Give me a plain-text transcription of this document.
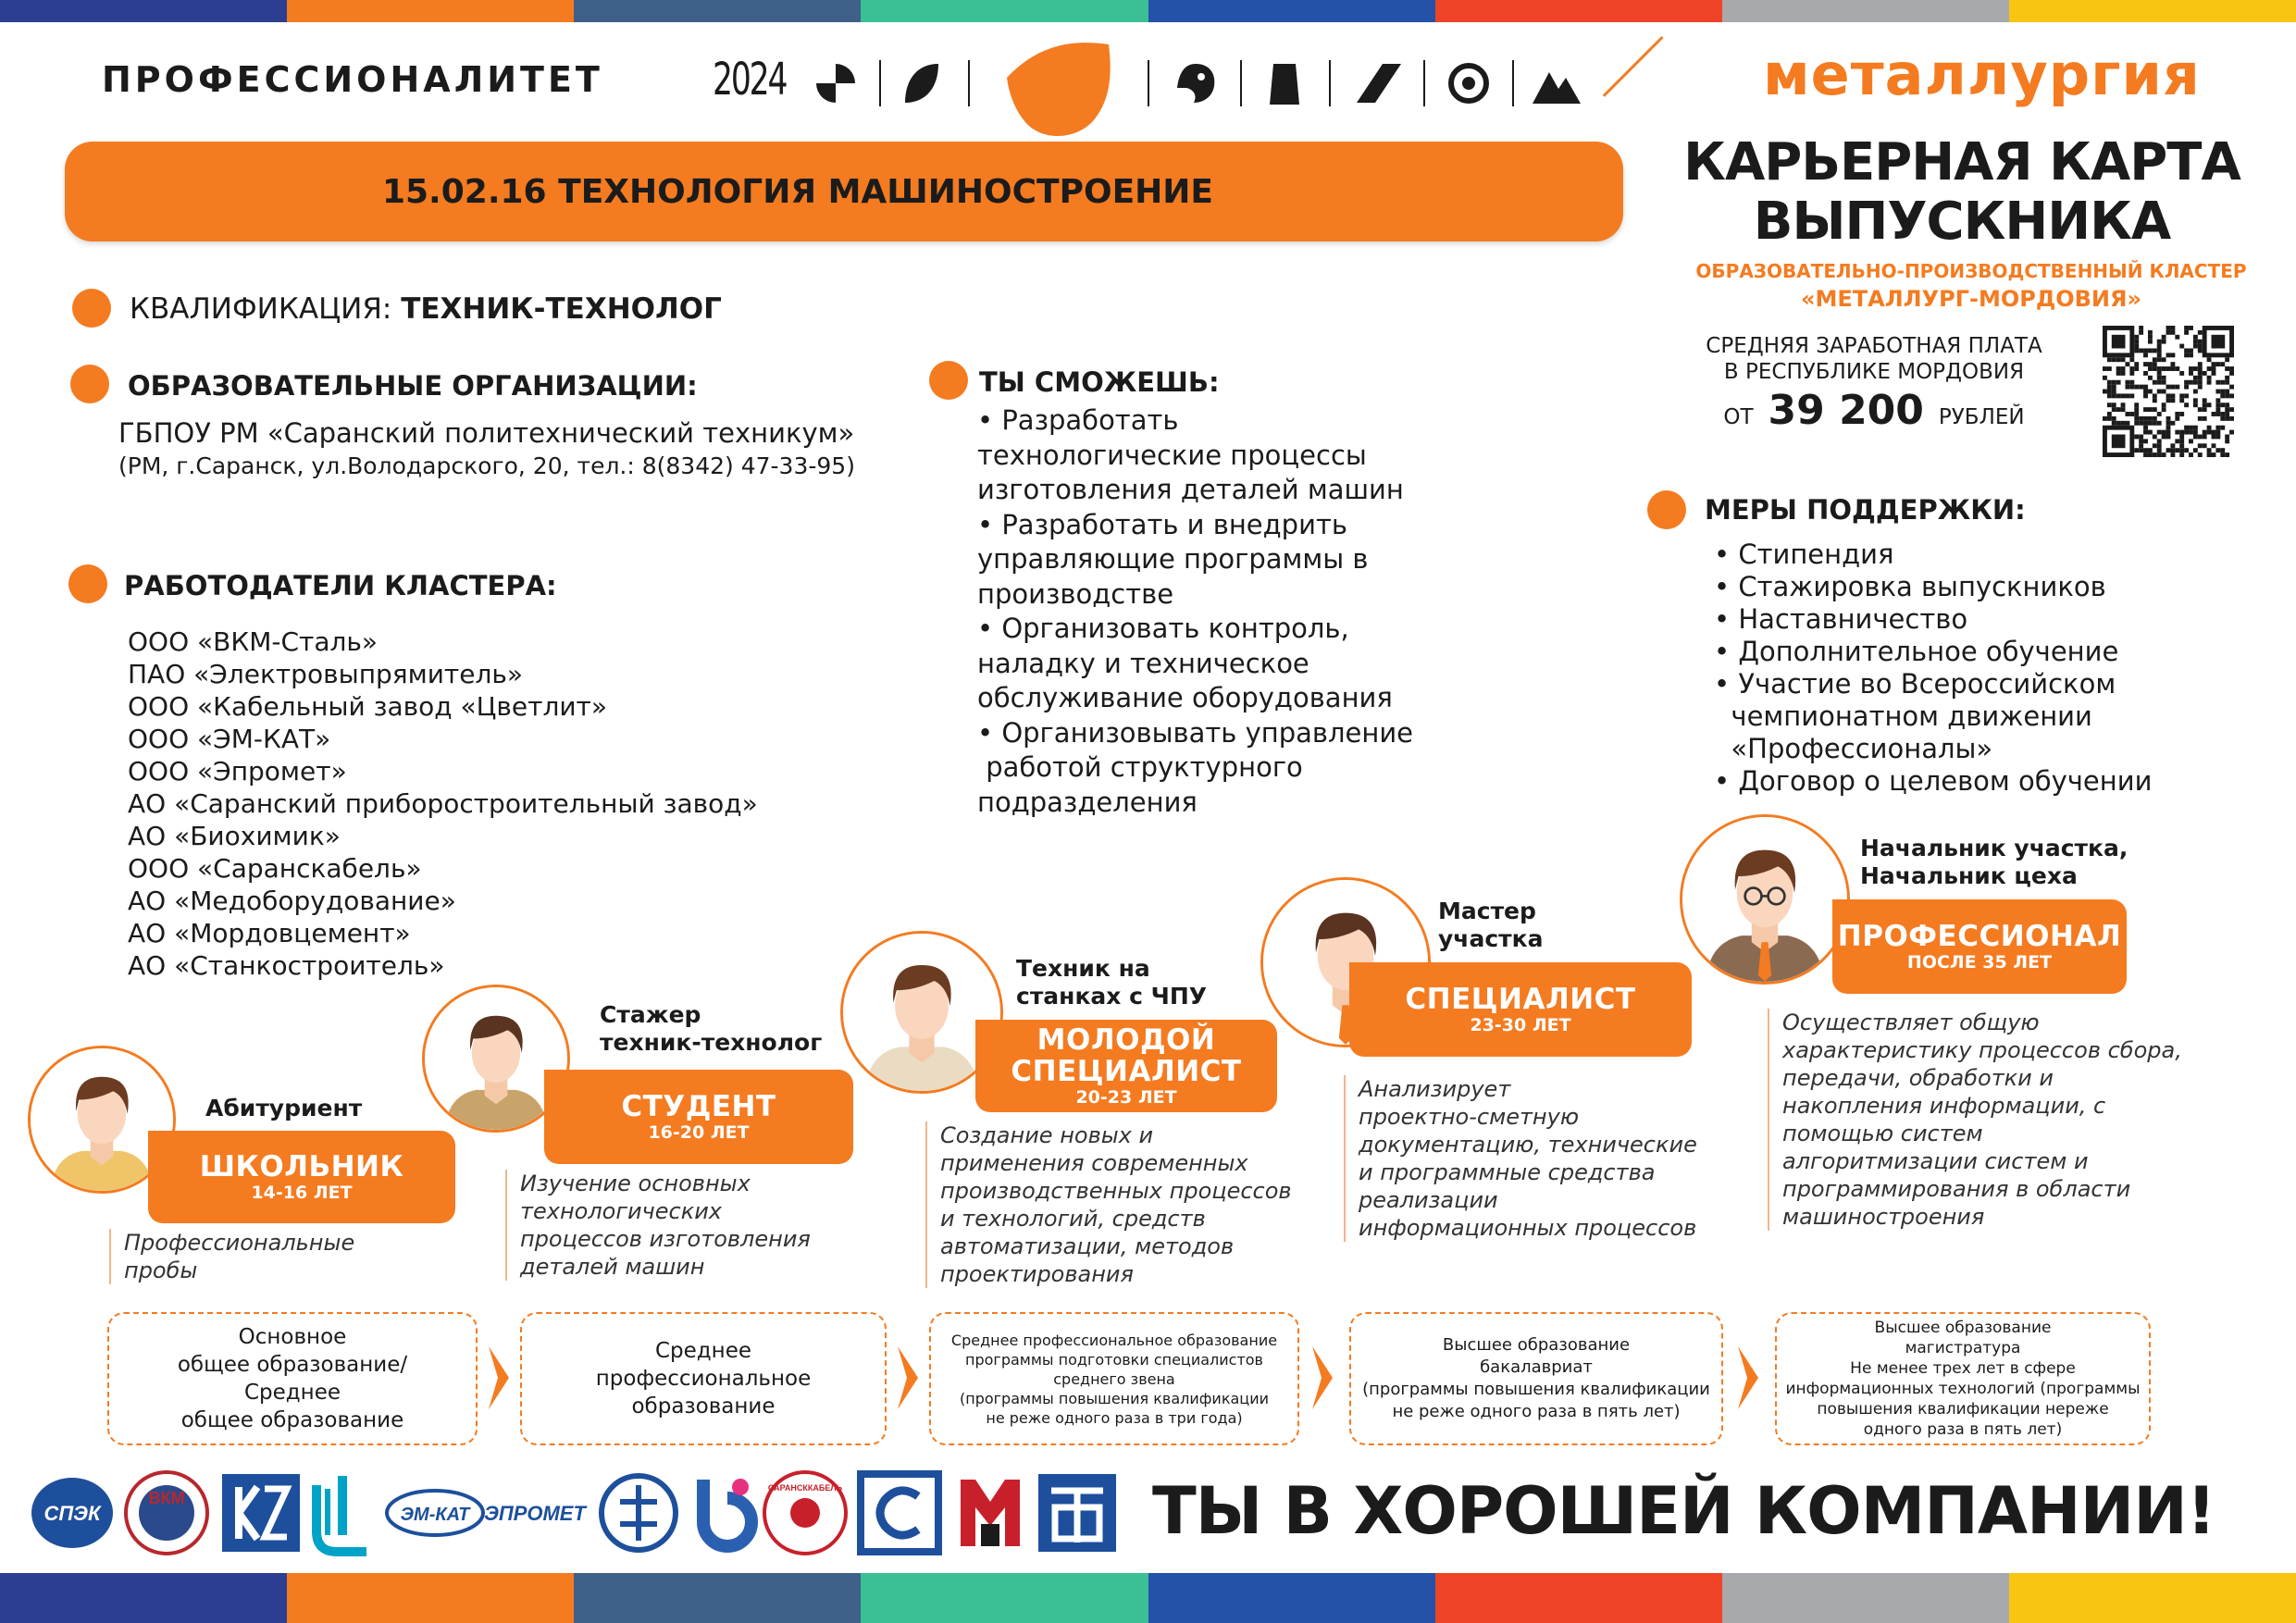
ПРОФЕССИОНАЛИТЕТ 2024	металлургия
15.02.16 ТЕХНОЛОГИЯ МАШИНОСТРОЕНИЕ	КАРЬЕРНАЯ КАРТА
ВЫПУСКНИКА
ОБРАЗОВАТЕЛЬНО-ПРОИЗВОДСТВЕННЫЙ КЛАСТЕР
«МЕТАЛЛУРГ-МОРДОВИЯ»
СРЕДНЯЯ ЗАРАБОТНАЯ ПЛАТА
В РЕСПУБЛИКЕ МОРДОВИЯ
ОТ 39 200 РУБЛЕЙ
КВАЛИФИКАЦИЯ: ТЕХНИК-ТЕХНОЛОГ
ОБРАЗОВАТЕЛЬНЫЕ ОРГАНИЗАЦИИ:
ГБПОУ РМ «Саранский политехнический техникум»
(РМ, г.Саранск, ул.Володарского, 20, тел.: 8(8342) 47-33-95)
РАБОТОДАТЕЛИ КЛАСТЕРА:
ООО «ВКМ-Сталь»
ПАО «Электровыпрямитель»
ООО «Кабельный завод «Цветлит»
ООО «ЭМ-КАТ»
ООО «Эпромет»
АО «Саранский приборостроительный завод»
АО «Биохимик»
ООО «Саранскабель»
АО «Медоборудование»
АО «Мордовцемент»
АО «Станкостроитель»
ТЫ СМОЖЕШЬ:
• Разработать
технологические процессы
изготовления деталей машин
• Разработать и внедрить
управляющие программы в
производстве
• Организовать контроль,
наладку и техническое
обслуживание оборудования
• Организовывать управление
работой структурного
подразделения
МЕРЫ ПОДДЕРЖКИ:
• Стипендия
• Стажировка выпускников
• Наставничество
• Дополнительное обучение
• Участие во Всероссийском
чемпионатном движении
«Профессионалы»
• Договор о целевом обучении
ШКОЛЬНИК
14-16 ЛЕТ
Абитуриент
Профессиональные
пробы
СТУДЕНТ
16-20 ЛЕТ
Стажер
техник-технолог
Изучение основных
технологических
процессов изготовления
деталей машин
МОЛОДОЙ
СПЕЦИАЛИСТ
20-23 ЛЕТ
Техник на
станках с ЧПУ
Создание новых и
применения современных
производственных процессов
и технологий, средств
автоматизации, методов
проектирования
СПЕЦИАЛИСТ
23-30 ЛЕТ
Мастер
участка
Анализирует
проектно-сметную
документацию, технические
и программные средства
реализации
информационных процессов
ПРОФЕССИОНАЛ
ПОСЛЕ 35 ЛЕТ
Начальник участка,
Начальник цеха
Осуществляет общую
характеристику процессов сбора,
передачи, обработки и
накопления информации, с
помощью систем
алгоритмизации систем и
программирования в области
машиностроения
Основное
общее образование/
Среднее
общее образование
Среднее
профессиональное
образование
Среднее профессиональное образование
программы подготовки специалистов
среднего звена
(программы повышения квалификации
не реже одного раза в три года)
Высшее образование
бакалавриат
(программы повышения квалификации
не реже одного раза в пять лет)
Высшее образование
магистратура
Не менее трех лет в сфере
информационных технологий (программы
повышения квалификации нереже
одного раза в пять лет)
СПЭК
ВКМ
ЭМ-КАТ ЭПРОМЕТ
САРАНСККАБЕЛЬ	ТЫ В ХОРОШЕЙ КОМПАНИИ!
